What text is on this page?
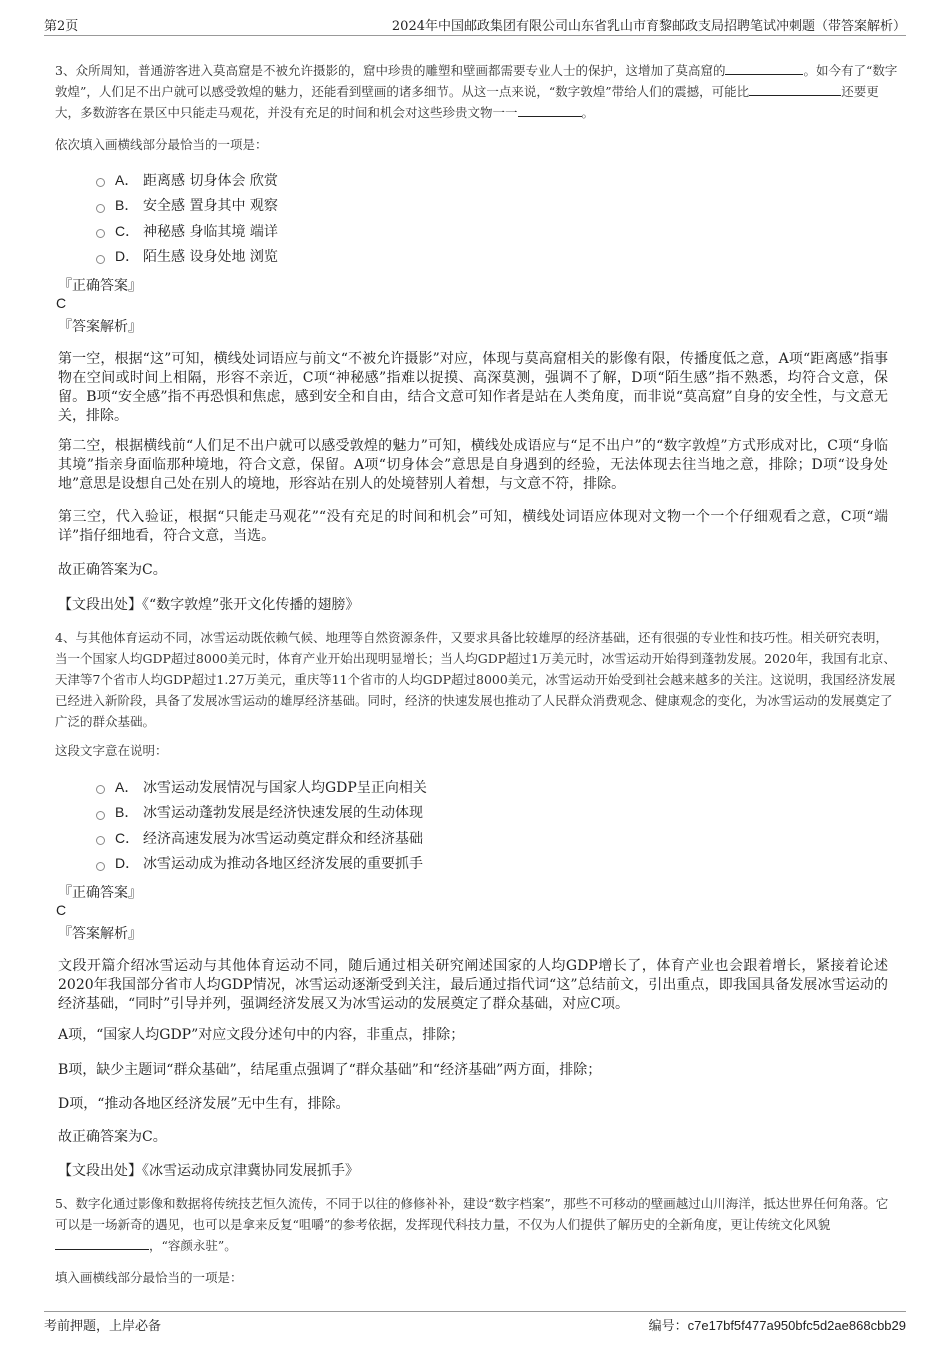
第2页	2024年中国邮政集团有限公司山东省乳山市育黎邮政支局招聘笔试冲刺题（带答案解析）

3、众所周知，普通游客进入莫高窟是不被允许摄影的，窟中珍贵的雕塑和壁画都需要专业人士的保护，这增加了莫高窟的	。如今有了“数字敦煌”，人们足不出户就可以感受敦煌的魅力，还能看到壁画的诸多细节。从这一点来说，“数字敦煌”带给人们的震撼，可能比	还要更大，多数游客在景区中只能走马观花，并没有充足的时间和机会对这些珍贵文物一一	。

依次填入画横线部分最恰当的一项是：

A． 距离感 切身体会 欣赏
B． 安全感 置身其中 观察
C． 神秘感 身临其境 端详
D． 陌生感 设身处地 浏览

『正确答案』

C

『答案解析』

第一空，根据“这”可知，横线处词语应与前文“不被允许摄影”对应，体现与莫高窟相关的影像有限，传播度低之意，A项“距离感”指事物在空间或时间上相隔，形容不亲近，C项“神秘感”指难以捉摸、高深莫测，强调不了解，D项“陌生感”指不熟悉，均符合文意，保留。B项“安全感”指不再恐惧和焦虑，感到安全和自由，结合文意可知作者是站在人类角度，而非说“莫高窟”自身的安全性，与文意无关，排除。

第二空，根据横线前“人们足不出户就可以感受敦煌的魅力”可知，横线处成语应与“足不出户”的“数字敦煌”方式形成对比，C项“身临其境”指亲身面临那种境地，符合文意，保留。A项“切身体会”意思是自身遇到的经验，无法体现去往当地之意，排除；D项“设身处地”意思是设想自己处在别人的境地，形容站在别人的处境替别人着想，与文意不符，排除。

第三空，代入验证，根据“只能走马观花”“没有充足的时间和机会”可知，横线处词语应体现对文物一个一个仔细观看之意，C项“端详”指仔细地看，符合文意，当选。

故正确答案为C。

【文段出处】《“数字敦煌”张开文化传播的翅膀》

4、与其他体育运动不同，冰雪运动既依赖气候、地理等自然资源条件，又要求具备比较雄厚的经济基础，还有很强的专业性和技巧性。相关研究表明，当一个国家人均GDP超过8000美元时，体育产业开始出现明显增长；当人均GDP超过1万美元时，冰雪运动开始得到蓬勃发展。2020年，我国有北京、天津等7个省市人均GDP超过1.27万美元，重庆等11个省市的人均GDP超过8000美元，冰雪运动开始受到社会越来越多的关注。这说明，我国经济发展已经进入新阶段，具备了发展冰雪运动的雄厚经济基础。同时，经济的快速发展也推动了人民群众消费观念、健康观念的变化，为冰雪运动的发展奠定了广泛的群众基础。

这段文字意在说明：

A． 冰雪运动发展情况与国家人均GDP呈正向相关
B． 冰雪运动蓬勃发展是经济快速发展的生动体现
C． 经济高速发展为冰雪运动奠定群众和经济基础
D． 冰雪运动成为推动各地区经济发展的重要抓手

『正确答案』

C

『答案解析』

文段开篇介绍冰雪运动与其他体育运动不同，随后通过相关研究阐述国家的人均GDP增长了，体育产业也会跟着增长，紧接着论述2020年我国部分省市人均GDP情况，冰雪运动逐渐受到关注，最后通过指代词“这”总结前文，引出重点，即我国具备发展冰雪运动的经济基础，“同时”引导并列，强调经济发展又为冰雪运动的发展奠定了群众基础，对应C项。

A项，“国家人均GDP”对应文段分述句中的内容，非重点，排除；

B项，缺少主题词“群众基础”，结尾重点强调了“群众基础”和“经济基础”两方面，排除；

D项，“推动各地区经济发展”无中生有，排除。

故正确答案为C。

【文段出处】《冰雪运动成京津冀协同发展抓手》

5、数字化通过影像和数据将传统技艺恒久流传，不同于以往的修修补补，建设“数字档案”，那些不可移动的壁画越过山川海洋，抵达世界任何角落。它可以是一场新奇的遇见，也可以是拿来反复“咀嚼”的参考依据，发挥现代科技力量，不仅为人们提供了解历史的全新角度，更让传统文化风貌，“容颜永驻”。

填入画横线部分最恰当的一项是：

考前押题，上岸必备	编号：c7e17bf5f477a950bfc5d2ae868cbb29
